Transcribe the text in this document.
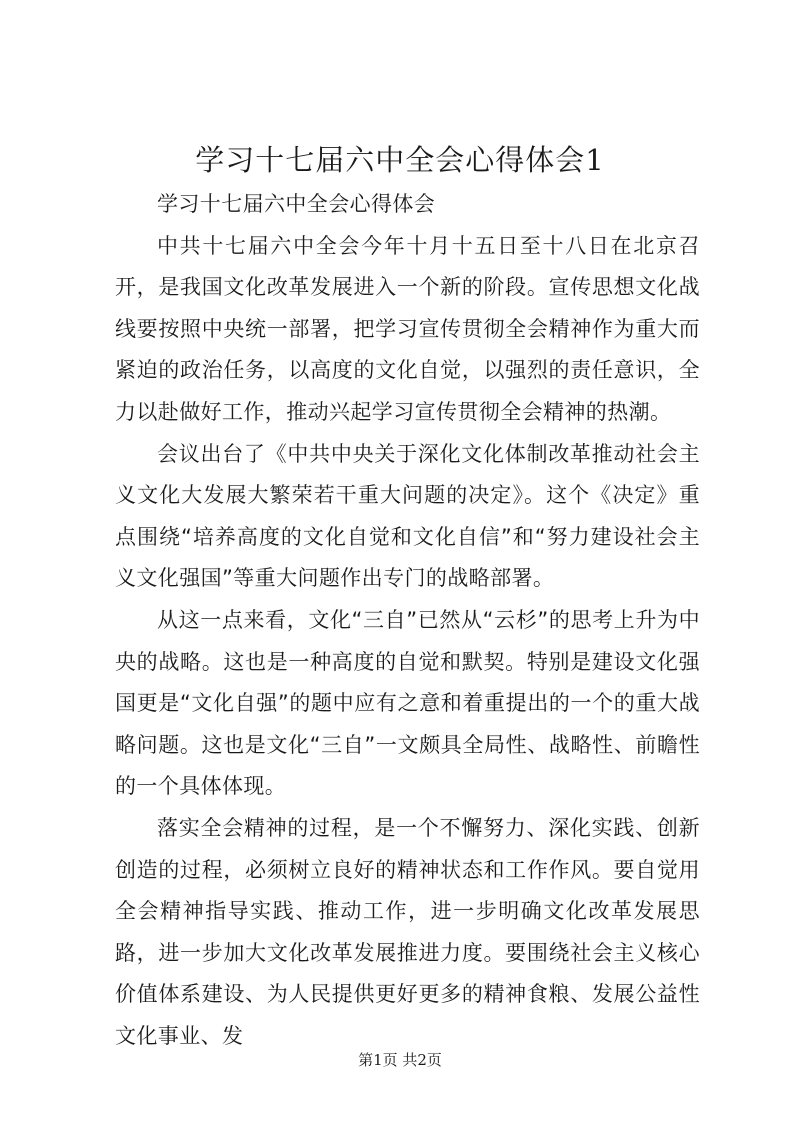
学习十七届六中全会心得体会1

学习十七届六中全会心得体会

中共十七届六中全会今年十月十五日至十八日在北京召开，是我国文化改革发展进入一个新的阶段。宣传思想文化战线要按照中央统一部署，把学习宣传贯彻全会精神作为重大而紧迫的政治任务，以高度的文化自觉，以强烈的责任意识，全力以赴做好工作，推动兴起学习宣传贯彻全会精神的热潮。

会议出台了《中共中央关于深化文化体制改革推动社会主义文化大发展大繁荣若干重大问题的决定》。这个《决定》重点围绕“培养高度的文化自觉和文化自信”和“努力建设社会主义文化强国”等重大问题作出专门的战略部署。

从这一点来看，文化“三自”已然从“云杉”的思考上升为中央的战略。这也是一种高度的自觉和默契。特别是建设文化强国更是“文化自强”的题中应有之意和着重提出的一个的重大战略问题。这也是文化“三自”一文颇具全局性、战略性、前瞻性的一个具体体现。

落实全会精神的过程，是一个不懈努力、深化实践、创新创造的过程，必须树立良好的精神状态和工作作风。要自觉用全会精神指导实践、推动工作，进一步明确文化改革发展思路，进一步加大文化改革发展推进力度。要围绕社会主义核心价值体系建设、为人民提供更好更多的精神食粮、发展公益性文化事业、发

第1页 共2页
